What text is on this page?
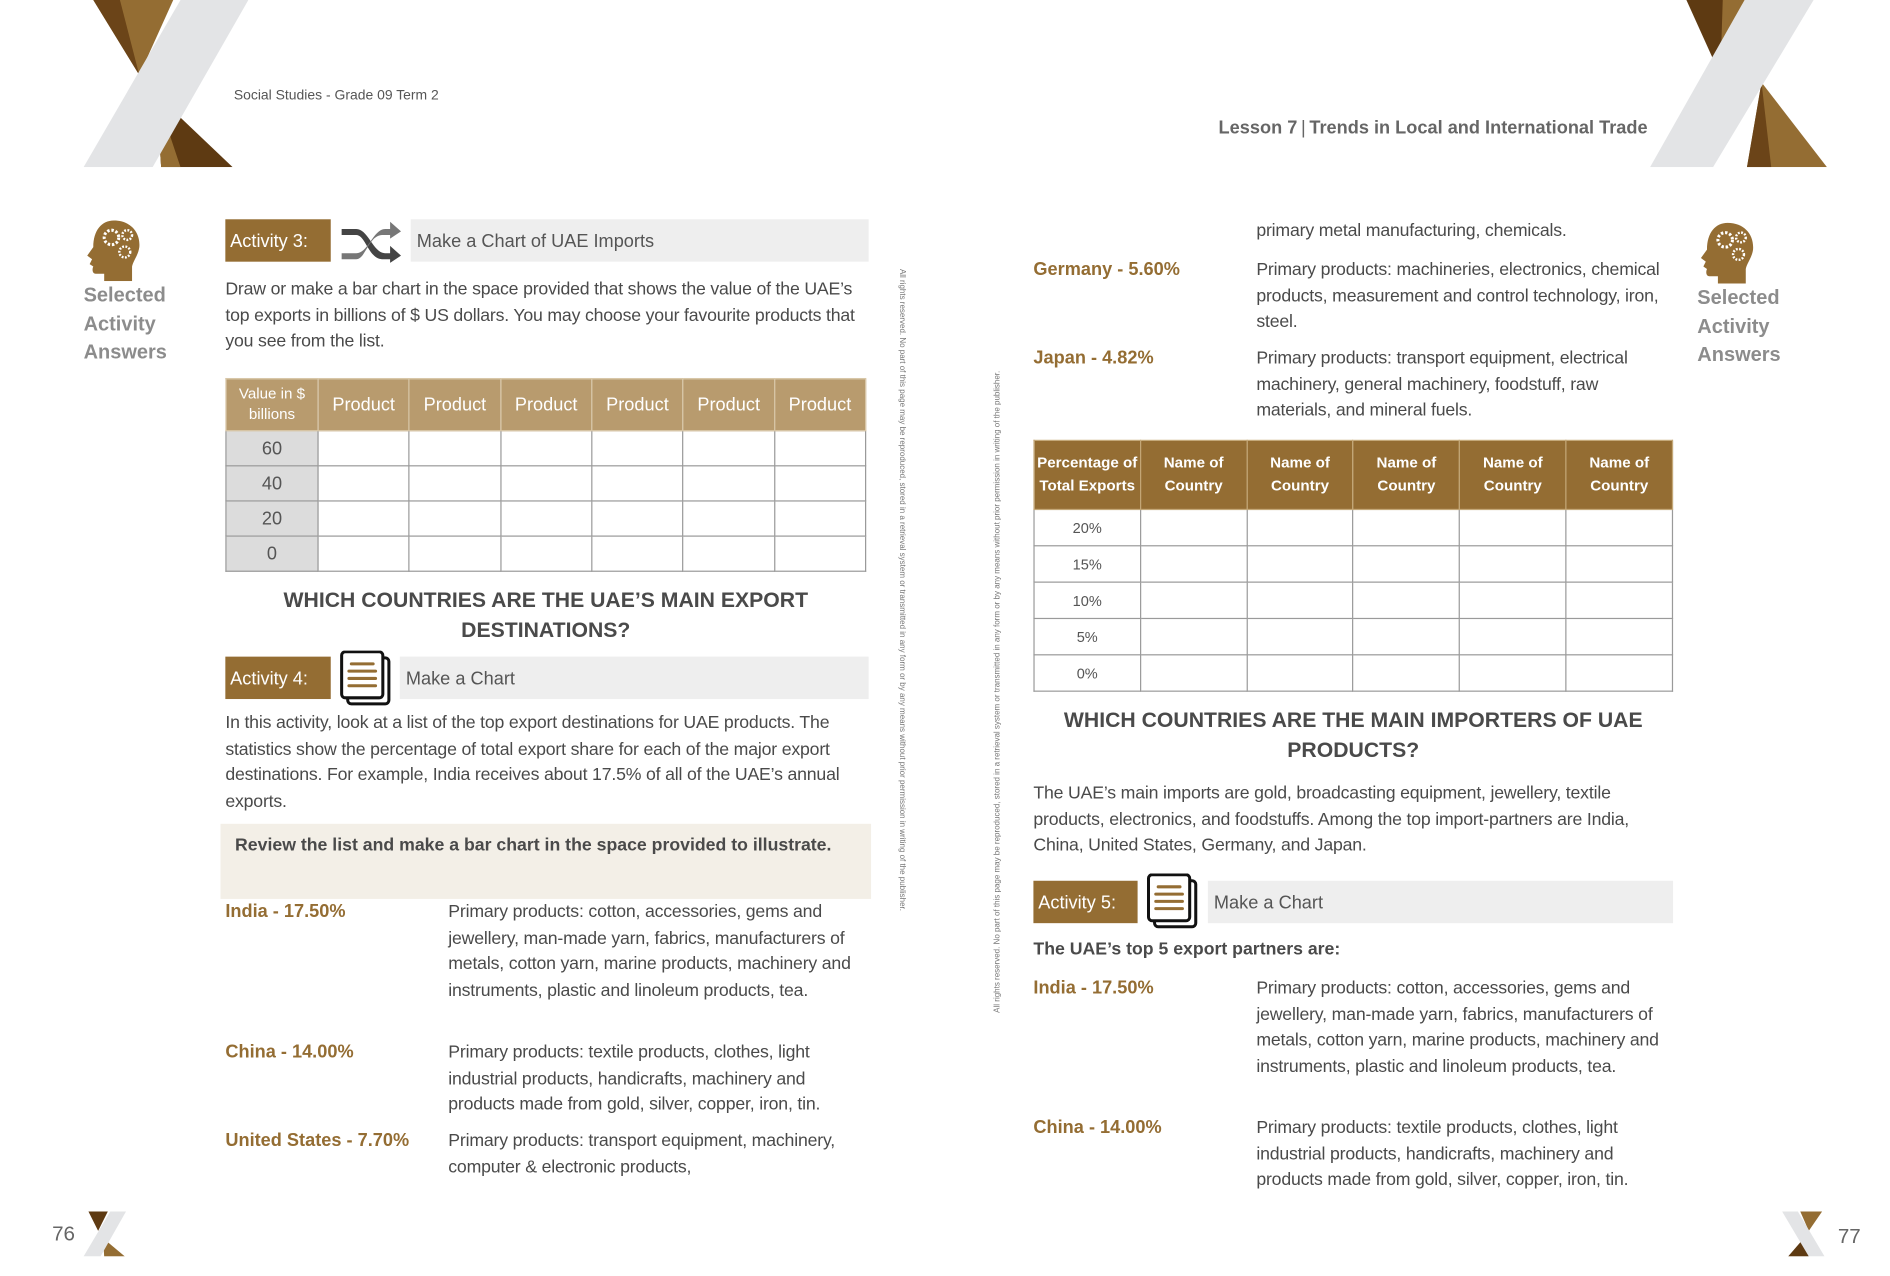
Social Studies - Grade 09 Term 2
Lesson 7 | Trends in Local and International Trade
Selected
Activity
Answers
Activity 3:	Make a Chart of UAE Imports
Draw or make a bar chart in the space provided that shows the value of the UAE’s top exports in billions of $ US dollars. You may choose your favourite products that you see from the list.
Value in $ billions	Product	Product	Product	Product	Product	Product
60						
40						
20						
0						
WHICH COUNTRIES ARE THE UAE’S MAIN EXPORT DESTINATIONS?
Activity 4:	Make a Chart
In this activity, look at a list of the top export destinations for UAE products. The statistics show the percentage of total export share for each of the major export destinations. For example, India receives about 17.5% of all of the UAE’s annual exports.
Review the list and make a bar chart in the space provided to illustrate.
India - 17.50%	Primary products: cotton, accessories, gems and jewellery, man-made yarn, fabrics, manufacturers of metals, cotton yarn, marine products, machinery and instruments, plastic and linoleum products, tea.
China - 14.00%	Primary products: textile products, clothes, light industrial products, handicrafts, machinery and products made from gold, silver, copper, iron, tin.
United States - 7.70%	Primary products: transport equipment, machinery, computer & electronic products,
All rights reserved. No part of this page may be reproduced, stored in a retrieval system or transmitted in any form or by any means without prior permission in writing of the publisher.	All rights reserved. No part of this page may be reproduced, stored in a retrieval system or transmitted in any form or by any means without prior permission in writing of the publisher.
primary metal manufacturing, chemicals.
Germany - 5.60%	Primary products: machineries, electronics, chemical products, measurement and control technology, iron, steel.
Japan - 4.82%	Primary products: transport equipment, electrical machinery, general machinery, foodstuff, raw materials, and mineral fuels.
Selected
Activity
Answers
Percentage of Total Exports	Name of Country	Name of Country	Name of Country	Name of Country	Name of Country
20%					
15%					
10%					
5%					
0%					
WHICH COUNTRIES ARE THE MAIN IMPORTERS OF UAE PRODUCTS?
The UAE’s main imports are gold, broadcasting equipment, jewellery, textile products, electronics, and foodstuffs. Among the top import-partners are India, China, United States, Germany, and Japan.
Activity 5:	Make a Chart
The UAE’s top 5 export partners are:
India - 17.50%	Primary products: cotton, accessories, gems and jewellery, man-made yarn, fabrics, manufacturers of metals, cotton yarn, marine products, machinery and instruments, plastic and linoleum products, tea.
China - 14.00%	Primary products: textile products, clothes, light industrial products, handicrafts, machinery and products made from gold, silver, copper, iron, tin.
76	77
